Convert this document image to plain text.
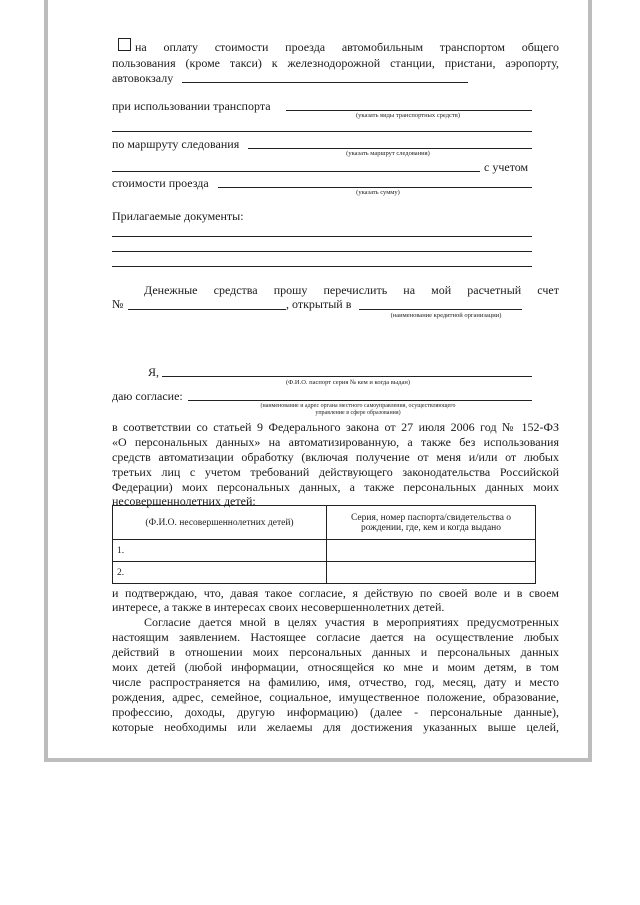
на оплату стоимости проезда автомобильным транспортом общего
пользования (кроме такси) к железнодорожной станции, пристани, аэропорту,
автовокзалу
при использовании транспорта
(указать виды транспортных средств)
по маршруту следования
(указать маршрут следования)
с учетом
стоимости проезда
(указать сумму)
Прилагаемые документы:
Денежные средства прошу перечислить на мой расчетный счет
№	, открытый в
(наименование кредитной организации)
Я,
(Ф.И.О. паспорт серия № кем и когда выдан)
даю согласие:
(наименование и адрес органа местного самоуправления, осуществляющего
управление в сфере образования)
в соответствии со статьей 9 Федерального закона от 27 июля 2006 год № 152-ФЗ
«О персональных данных» на автоматизированную, а также без использования
средств автоматизации обработку (включая получение от меня и/или от любых
третьих лиц с учетом требований действующего законодательства Российской
Федерации) моих персональных данных, а также персональных данных моих
несовершеннолетних детей:
(Ф.И.О. несовершеннолетних детей)	Серия, номер паспорта/свидетельства о рождении, где, кем и когда выдано
1.	
2.	
и подтверждаю, что, давая такое согласие, я действую по своей воле и в своем
интересе, а также в интересах своих несовершеннолетних детей.
Согласие дается мной в целях участия в мероприятиях предусмотренных
настоящим заявлением. Настоящее согласие дается на осуществление любых
действий в отношении моих персональных данных и персональных данных
моих детей (любой информации, относящейся ко мне и моим детям, в том
числе распространяется на фамилию, имя, отчество, год, месяц, дату и место
рождения, адрес, семейное, социальное, имущественное положение, образование,
профессию, доходы, другую информацию) (далее - персональные данные),
которые необходимы или желаемы для достижения указанных выше целей,
